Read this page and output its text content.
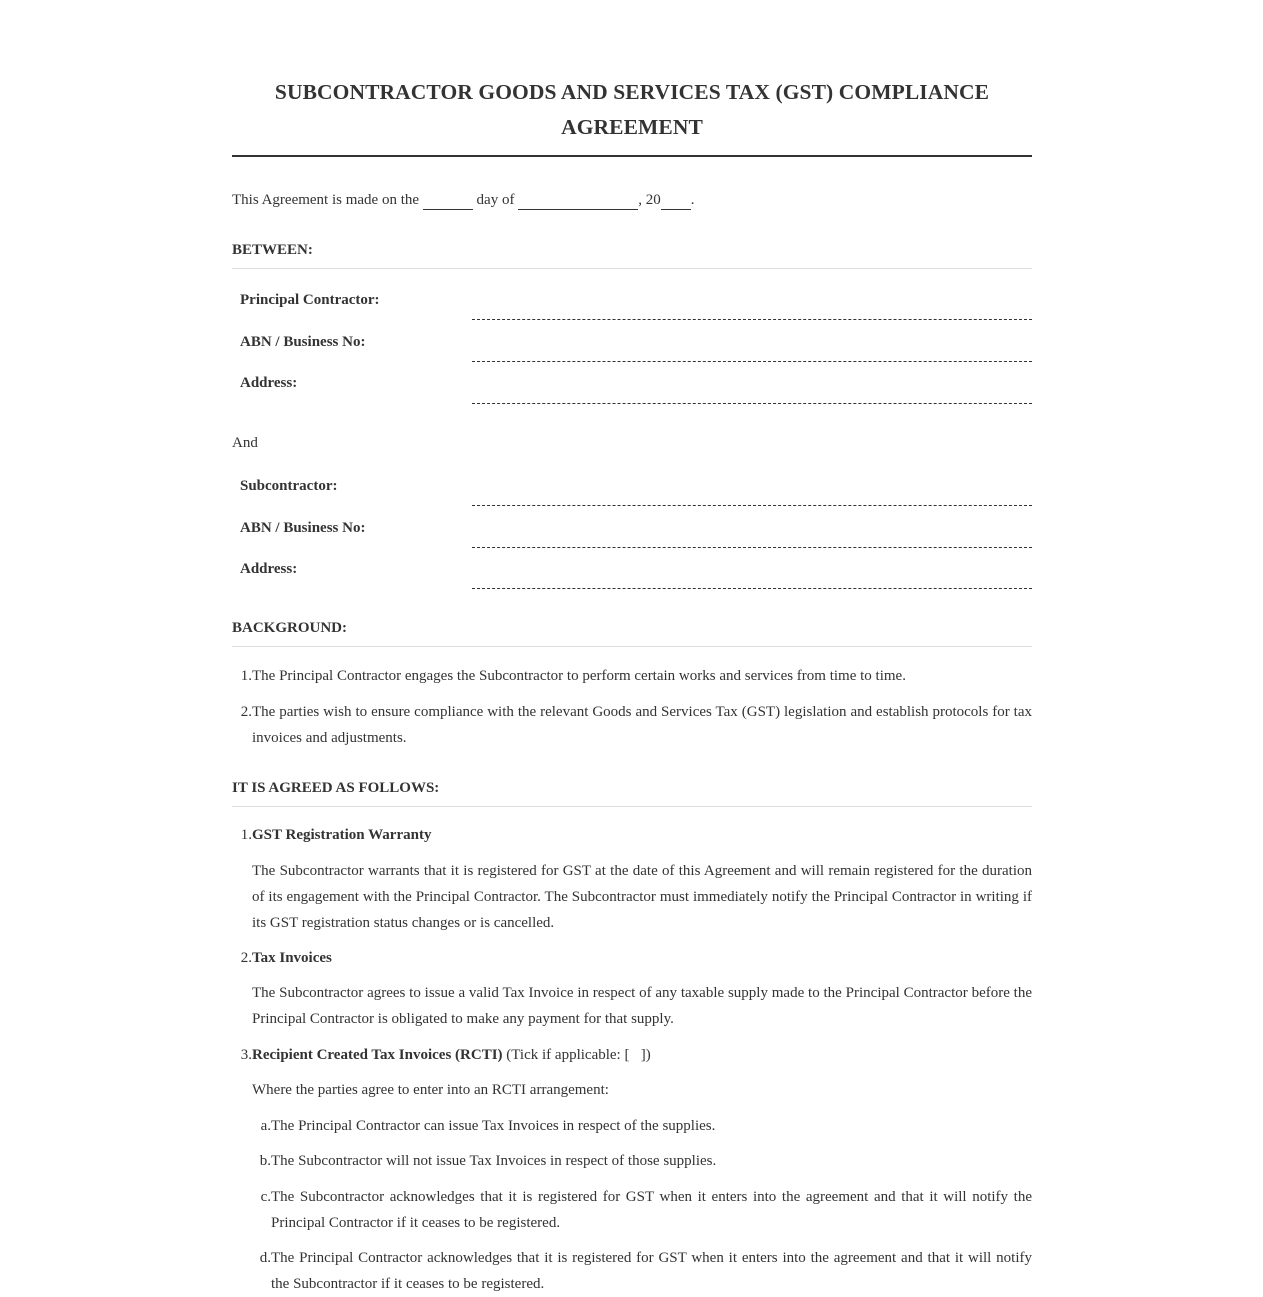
SUBCONTRACTOR GOODS AND SERVICES TAX (GST) COMPLIANCE AGREEMENT
This Agreement is made on the	day of	, 20 .
BETWEEN:
Principal Contractor:
ABN / Business No:
Address:
And
Subcontractor:
ABN / Business No:
Address:
BACKGROUND:
1. The Principal Contractor engages the Subcontractor to perform certain works and services from time to time.
2. The parties wish to ensure compliance with the relevant Goods and Services Tax (GST) legislation and establish protocols for tax invoices and adjustments.
IT IS AGREED AS FOLLOWS:
1. GST Registration Warranty
The Subcontractor warrants that it is registered for GST at the date of this Agreement and will remain registered for the duration of its engagement with the Principal Contractor. The Subcontractor must immediately notify the Principal Contractor in writing if its GST registration status changes or is cancelled.
2. Tax Invoices
The Subcontractor agrees to issue a valid Tax Invoice in respect of any taxable supply made to the Principal Contractor before the Principal Contractor is obligated to make any payment for that supply.
3. Recipient Created Tax Invoices (RCTI) (Tick if applicable: [   ])
Where the parties agree to enter into an RCTI arrangement:
a. The Principal Contractor can issue Tax Invoices in respect of the supplies.
b. The Subcontractor will not issue Tax Invoices in respect of those supplies.
c. The Subcontractor acknowledges that it is registered for GST when it enters into the agreement and that it will notify the Principal Contractor if it ceases to be registered.
d. The Principal Contractor acknowledges that it is registered for GST when it enters into the agreement and that it will notify the Subcontractor if it ceases to be registered.
